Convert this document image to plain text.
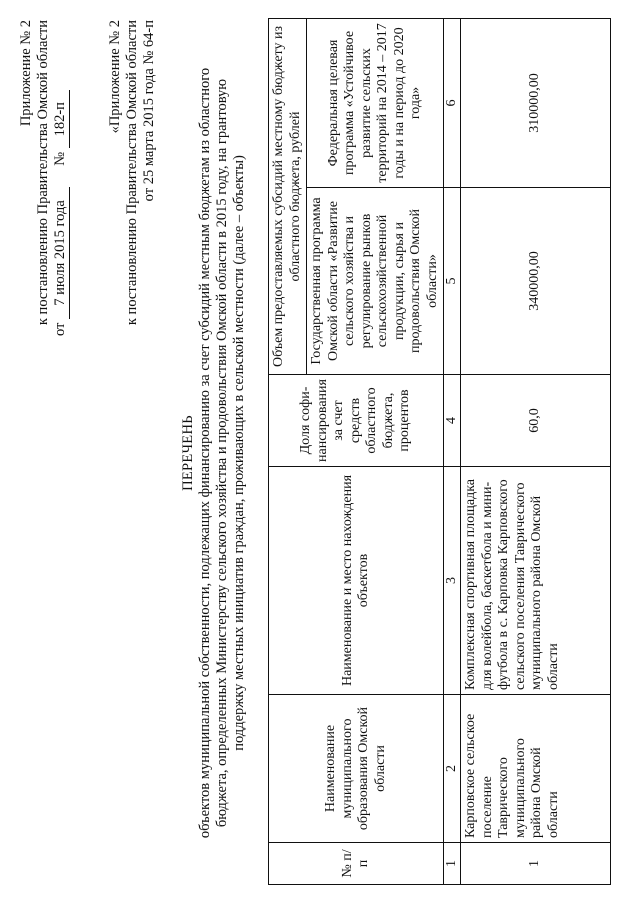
Приложение № 2 к постановлению Правительства Омской области
от 7 июля 2015 года  № 182-п	«Приложение № 2 к постановлению Правительства Омской области от 25 марта 2015 года № 64-п
ПЕРЕЧЕНЬ объектов муниципальной собственности, подлежащих финансированию за счет субсидий местным бюджетам из областного бюджета, определенных Министерству сельского хозяйства и продовольствия Омской области в 2015 году, на грантовую поддержку местных инициатив граждан, проживающих в сельской местности (далее – объекты)
№ п/п	Наименование муниципального образования Омской области	Наименование и место нахождения объектов	Доля софи-нансирования за счет средств областного бюджета, процентов	Объем предоставляемых субсидий местному бюджету из областного бюджета, рублей	
				Государственная программа Омской области «Развитие сельского хозяйства и регулирование рынков сельскохозяйственной продукции, сырья и продовольствия Омской области»	Федеральная целевая программа «Устойчивое развитие сельских территорий на 2014 – 2017 годы и на период до 2020 года»
1	2	3	4	5	6
1	Карповское сельское поселение Таврического муниципального района Омской области	Комплексная спортивная площадка для волейбола, баскетбола и мини-футбола в с. Карповка Карповского сельского поселения Таврического муниципального района Омской области	60,0	340000,00	310000,00
